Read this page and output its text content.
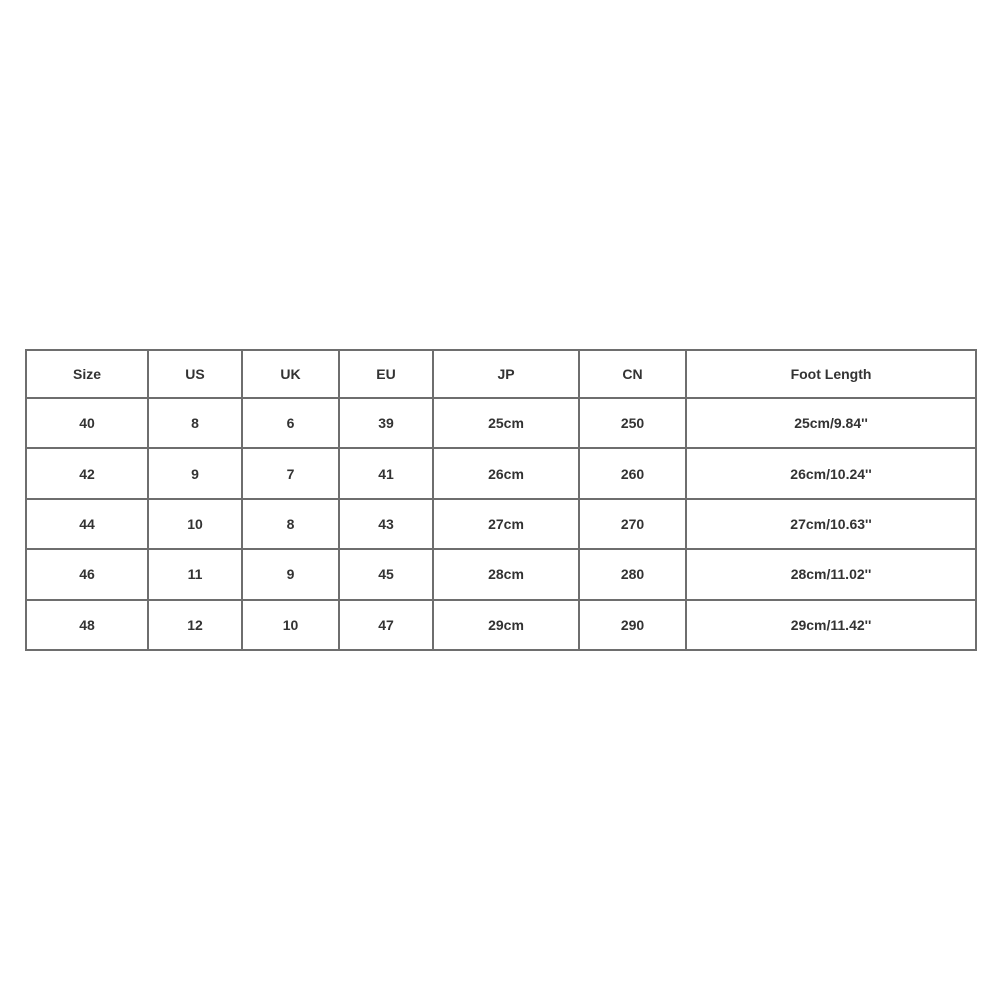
Size	US	UK	EU	JP	CN	Foot Length
40	8	6	39	25cm	250	25cm/9.84''
42	9	7	41	26cm	260	26cm/10.24''
44	10	8	43	27cm	270	27cm/10.63''
46	11	9	45	28cm	280	28cm/11.02''
48	12	10	47	29cm	290	29cm/11.42''
